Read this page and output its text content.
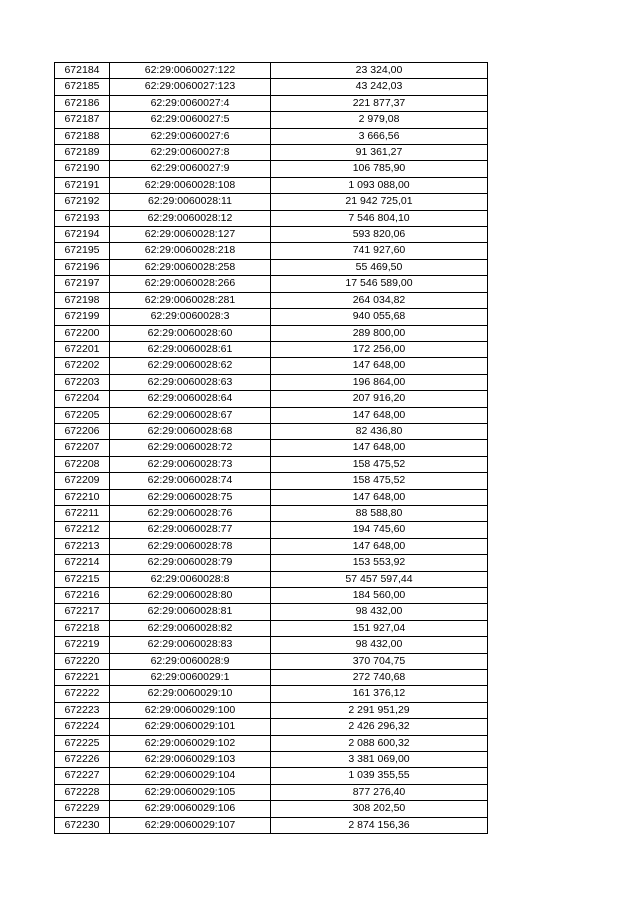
672184	62:29:0060027:122	23 324,00
672185	62:29:0060027:123	43 242,03
672186	62:29:0060027:4	221 877,37
672187	62:29:0060027:5	2 979,08
672188	62:29:0060027:6	3 666,56
672189	62:29:0060027:8	91 361,27
672190	62:29:0060027:9	106 785,90
672191	62:29:0060028:108	1 093 088,00
672192	62:29:0060028:11	21 942 725,01
672193	62:29:0060028:12	7 546 804,10
672194	62:29:0060028:127	593 820,06
672195	62:29:0060028:218	741 927,60
672196	62:29:0060028:258	55 469,50
672197	62:29:0060028:266	17 546 589,00
672198	62:29:0060028:281	264 034,82
672199	62:29:0060028:3	940 055,68
672200	62:29:0060028:60	289 800,00
672201	62:29:0060028:61	172 256,00
672202	62:29:0060028:62	147 648,00
672203	62:29:0060028:63	196 864,00
672204	62:29:0060028:64	207 916,20
672205	62:29:0060028:67	147 648,00
672206	62:29:0060028:68	82 436,80
672207	62:29:0060028:72	147 648,00
672208	62:29:0060028:73	158 475,52
672209	62:29:0060028:74	158 475,52
672210	62:29:0060028:75	147 648,00
672211	62:29:0060028:76	88 588,80
672212	62:29:0060028:77	194 745,60
672213	62:29:0060028:78	147 648,00
672214	62:29:0060028:79	153 553,92
672215	62:29:0060028:8	57 457 597,44
672216	62:29:0060028:80	184 560,00
672217	62:29:0060028:81	98 432,00
672218	62:29:0060028:82	151 927,04
672219	62:29:0060028:83	98 432,00
672220	62:29:0060028:9	370 704,75
672221	62:29:0060029:1	272 740,68
672222	62:29:0060029:10	161 376,12
672223	62:29:0060029:100	2 291 951,29
672224	62:29:0060029:101	2 426 296,32
672225	62:29:0060029:102	2 088 600,32
672226	62:29:0060029:103	3 381 069,00
672227	62:29:0060029:104	1 039 355,55
672228	62:29:0060029:105	877 276,40
672229	62:29:0060029:106	308 202,50
672230	62:29:0060029:107	2 874 156,36
